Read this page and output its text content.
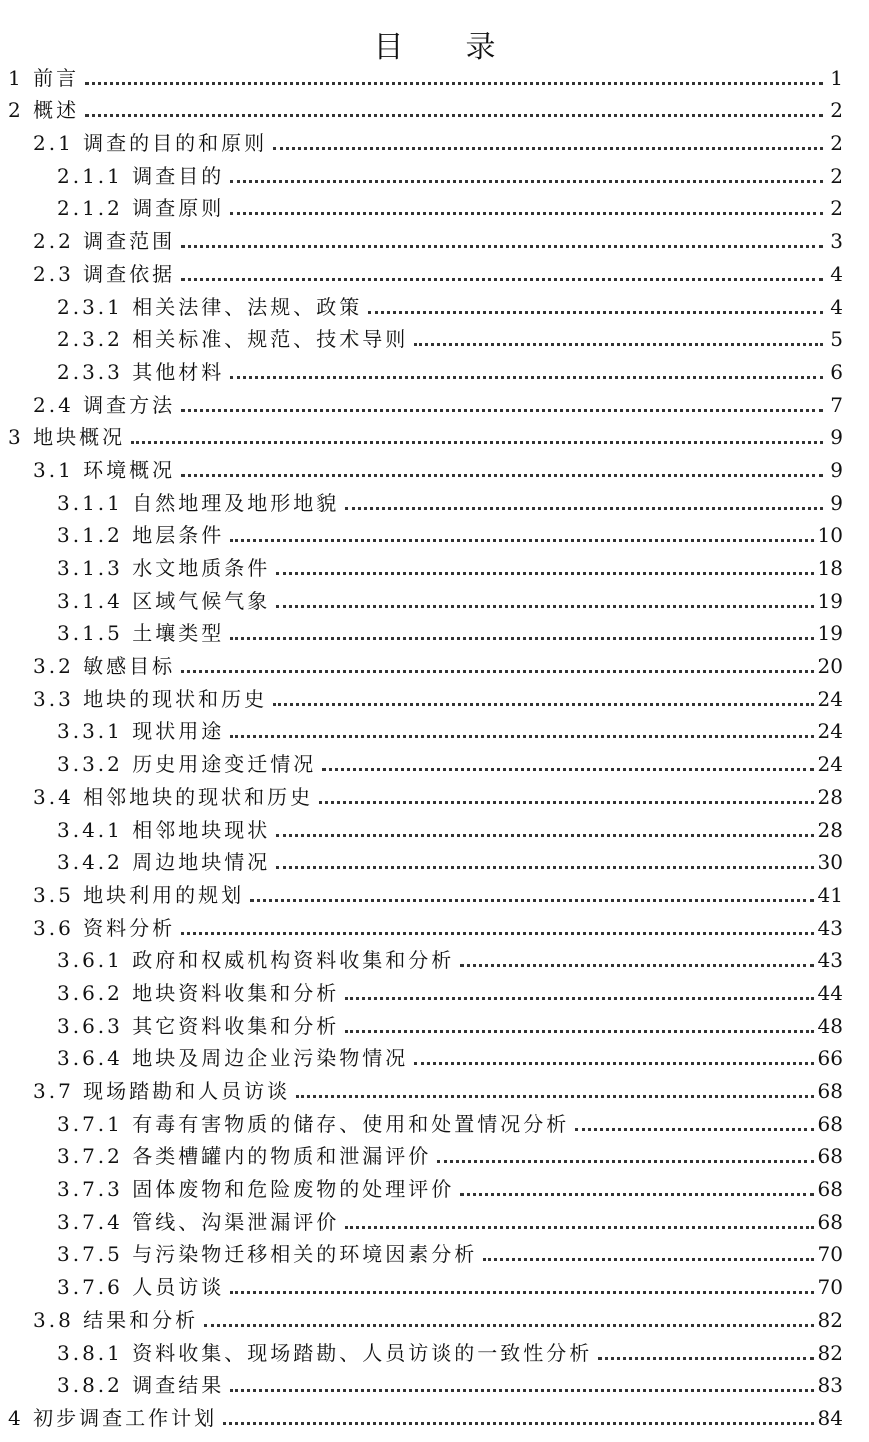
目录
1 前言	1
2 概述	2
2.1 调查的目的和原则	2
2.1.1 调查目的	2
2.1.2 调查原则	2
2.2 调查范围	3
2.3 调查依据	4
2.3.1 相关法律、法规、政策	4
2.3.2 相关标准、规范、技术导则	5
2.3.3 其他材料	6
2.4 调查方法	7
3 地块概况	9
3.1 环境概况	9
3.1.1 自然地理及地形地貌	9
3.1.2 地层条件	10
3.1.3 水文地质条件	18
3.1.4 区域气候气象	19
3.1.5 土壤类型	19
3.2 敏感目标	20
3.3 地块的现状和历史	24
3.3.1 现状用途	24
3.3.2 历史用途变迁情况	24
3.4 相邻地块的现状和历史	28
3.4.1 相邻地块现状	28
3.4.2 周边地块情况	30
3.5 地块利用的规划	41
3.6 资料分析	43
3.6.1 政府和权威机构资料收集和分析	43
3.6.2 地块资料收集和分析	44
3.6.3 其它资料收集和分析	48
3.6.4 地块及周边企业污染物情况	66
3.7 现场踏勘和人员访谈	68
3.7.1 有毒有害物质的储存、使用和处置情况分析	68
3.7.2 各类槽罐内的物质和泄漏评价	68
3.7.3 固体废物和危险废物的处理评价	68
3.7.4 管线、沟渠泄漏评价	68
3.7.5 与污染物迁移相关的环境因素分析	70
3.7.6 人员访谈	70
3.8 结果和分析	82
3.8.1 资料收集、现场踏勘、人员访谈的一致性分析	82
3.8.2 调查结果	83
4 初步调查工作计划	84
